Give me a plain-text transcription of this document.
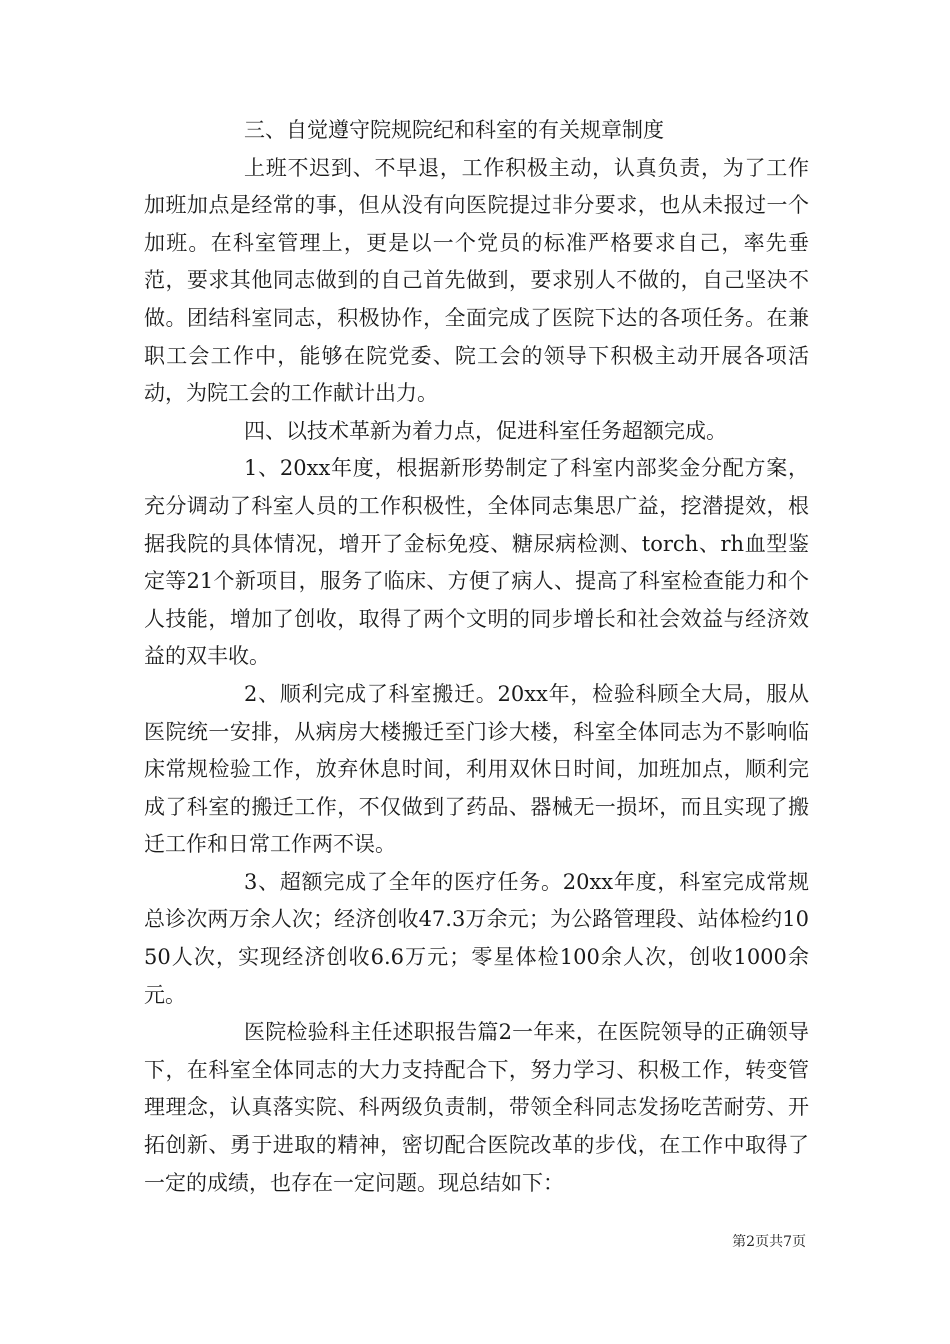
三、自觉遵守院规院纪和科室的有关规章制度

上班不迟到、不早退，工作积极主动，认真负责，为了工作加班加点是经常的事，但从没有向医院提过非分要求，也从未报过一个加班。在科室管理上，更是以一个党员的标准严格要求自己，率先垂范，要求其他同志做到的自己首先做到，要求别人不做的，自己坚决不做。团结科室同志，积极协作，全面完成了医院下达的各项任务。在兼职工会工作中，能够在院党委、院工会的领导下积极主动开展各项活动，为院工会的工作献计出力。

四、以技术革新为着力点，促进科室任务超额完成。

1、20xx年度，根据新形势制定了科室内部奖金分配方案，充分调动了科室人员的工作积极性，全体同志集思广益，挖潜提效，根据我院的具体情况，增开了金标免疫、糖尿病检测、torch、rh血型鉴定等21个新项目，服务了临床、方便了病人、提高了科室检查能力和个人技能，增加了创收，取得了两个文明的同步增长和社会效益与经济效益的双丰收。

2、顺利完成了科室搬迁。20xx年，检验科顾全大局，服从医院统一安排，从病房大楼搬迁至门诊大楼，科室全体同志为不影响临床常规检验工作，放弃休息时间，利用双休日时间，加班加点，顺利完成了科室的搬迁工作，不仅做到了药品、器械无一损坏，而且实现了搬迁工作和日常工作两不误。

3、超额完成了全年的医疗任务。20xx年度，科室完成常规总诊次两万余人次；经济创收47.3万余元；为公路管理段、站体检约1050人次，实现经济创收6.6万元；零星体检100余人次，创收1000余元。

医院检验科主任述职报告篇2一年来，在医院领导的正确领导下，在科室全体同志的大力支持配合下，努力学习、积极工作，转变管理理念，认真落实院、科两级负责制，带领全科同志发扬吃苦耐劳、开拓创新、勇于进取的精神，密切配合医院改革的步伐，在工作中取得了一定的成绩，也存在一定问题。现总结如下：

第2页共7页
